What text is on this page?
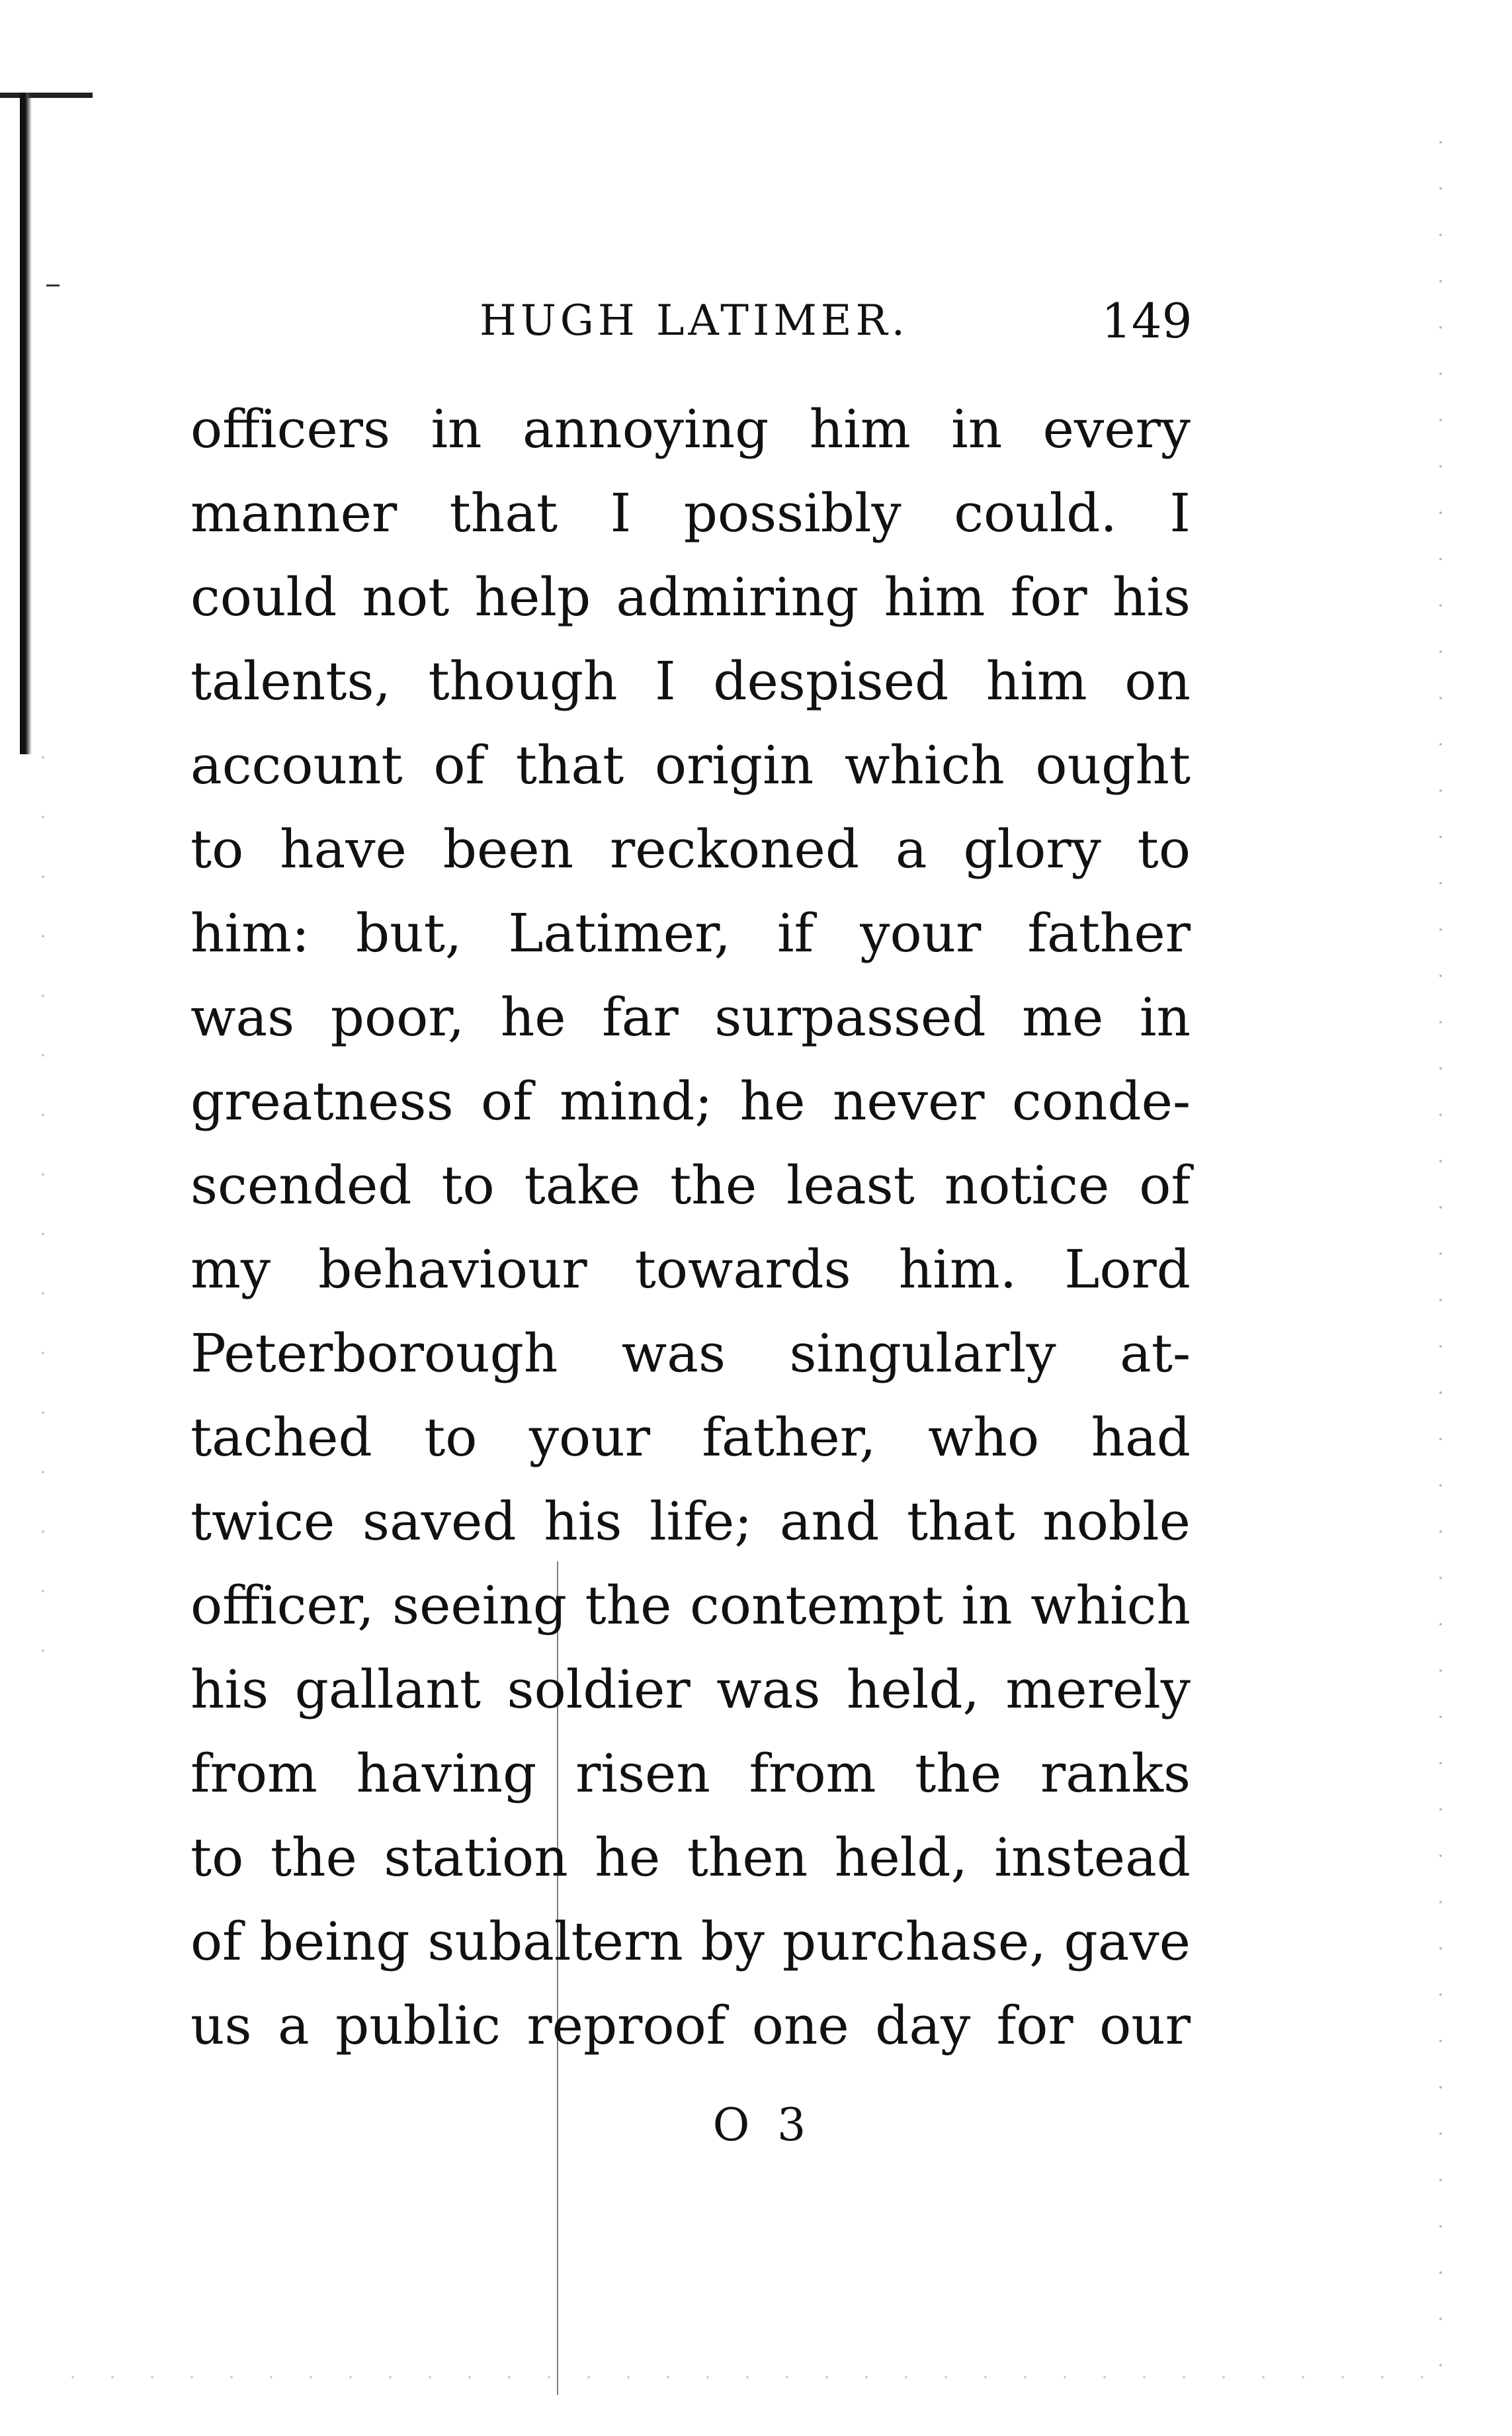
HUGH LATIMER.	149
officers in annoying him in every
manner that I possibly could. I
could not help admiring him for his
talents, though I despised him on
account of that origin which ought
to have been reckoned a glory to
him: but, Latimer, if your father
was poor, he far surpassed me in
greatness of mind; he never conde-
scended to take the least notice of
my behaviour towards him. Lord
Peterborough was singularly at-
tached to your father, who had
twice saved his life; and that noble
officer, seeing the contempt in which
his gallant soldier was held, merely
from having risen from the ranks
to the station he then held, instead
of being subaltern by purchase, gave
us a public reproof one day for our
O 3
